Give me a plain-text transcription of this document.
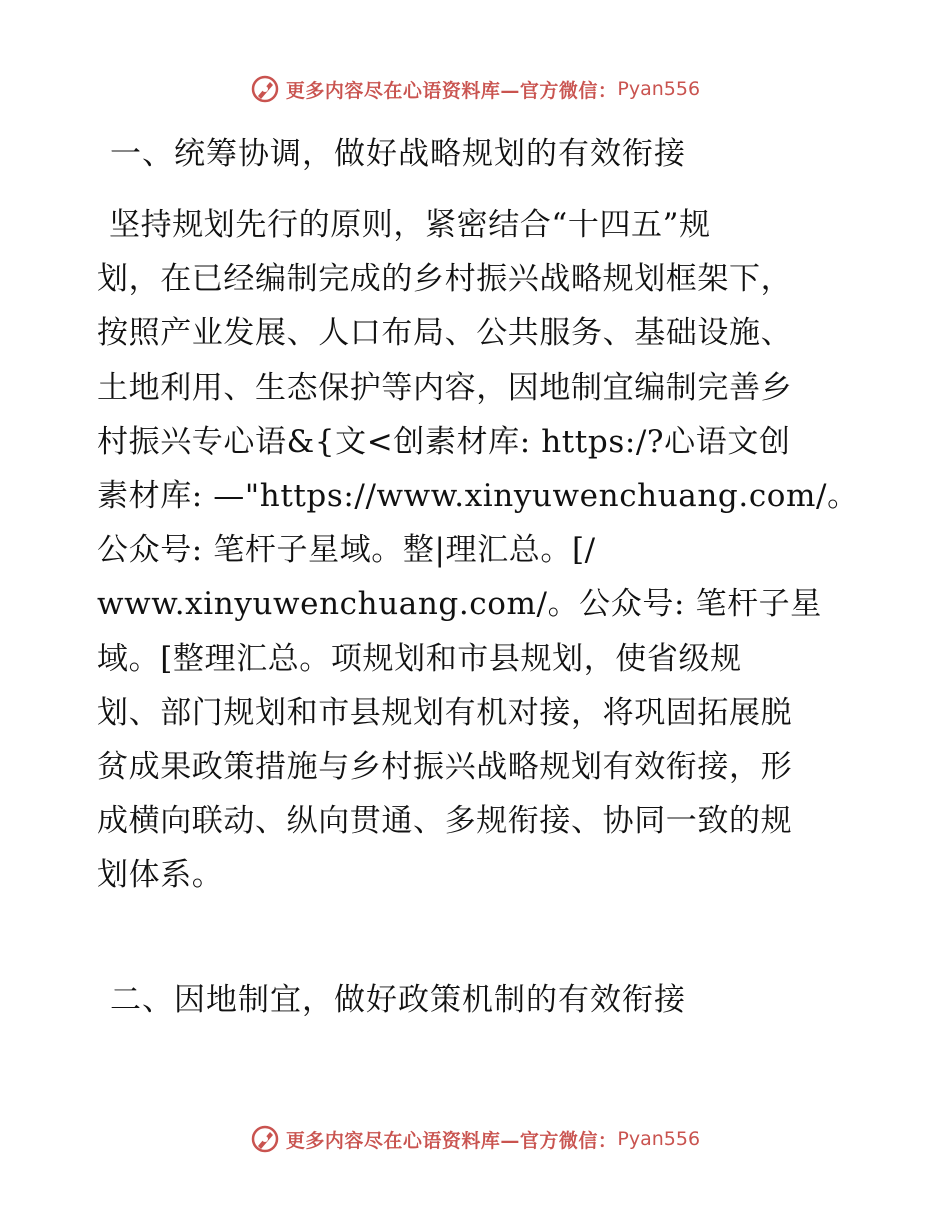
更多内容尽在心语资料库—官方微信： Pyan556
一、统筹协调，做好战略规划的有效衔接
坚持规划先行的原则，紧密结合“十四五”规
划，在已经编制完成的乡村振兴战略规划框架下，
按照产业发展、人口布局、公共服务、基础设施、
土地利用、生态保护等内容，因地制宜编制完善乡
村振兴专心语&{文<创素材库: https:/?心语文创
素材库: —"https://www.xinyuwenchuang.com/。
公众号: 笔杆子星域。整|理汇总。[/
www.xinyuwenchuang.com/。公众号: 笔杆子星
域。[整理汇总。项规划和市县规划，使省级规
划、部门规划和市县规划有机对接，将巩固拓展脱
贫成果政策措施与乡村振兴战略规划有效衔接，形
成横向联动、纵向贯通、多规衔接、协同一致的规
划体系。
二、因地制宜，做好政策机制的有效衔接
更多内容尽在心语资料库—官方微信： Pyan556
